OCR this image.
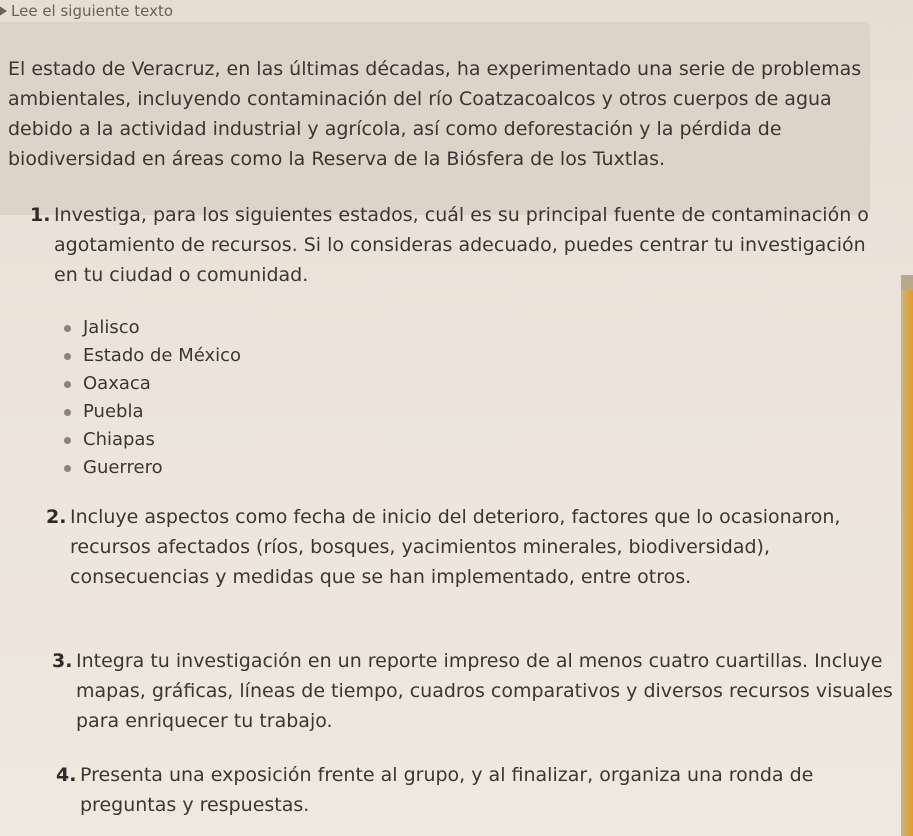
Lee el siguiente texto

El estado de Veracruz, en las últimas décadas, ha experimentado una serie de problemas ambientales, incluyendo contaminación del río Coatzacoalcos y otros cuerpos de agua debido a la actividad industrial y agrícola, así como deforestación y la pérdida de biodiversidad en áreas como la Reserva de la Biósfera de los Tuxtlas.

1. Investiga, para los siguientes estados, cuál es su principal fuente de contaminación o agotamiento de recursos. Si lo consideras adecuado, puedes centrar tu investigación en tu ciudad o comunidad.

Jalisco
Estado de México
Oaxaca
Puebla
Chiapas
Guerrero
2. Incluye aspectos como fecha de inicio del deterioro, factores que lo ocasionaron, recursos afectados (ríos, bosques, yacimientos minerales, biodiversidad), consecuencias y medidas que se han implementado, entre otros.

3. Integra tu investigación en un reporte impreso de al menos cuatro cuartillas. Incluye mapas, gráficas, líneas de tiempo, cuadros comparativos y diversos recursos visuales para enriquecer tu trabajo.

4. Presenta una exposición frente al grupo, y al finalizar, organiza una ronda de preguntas y respuestas.
